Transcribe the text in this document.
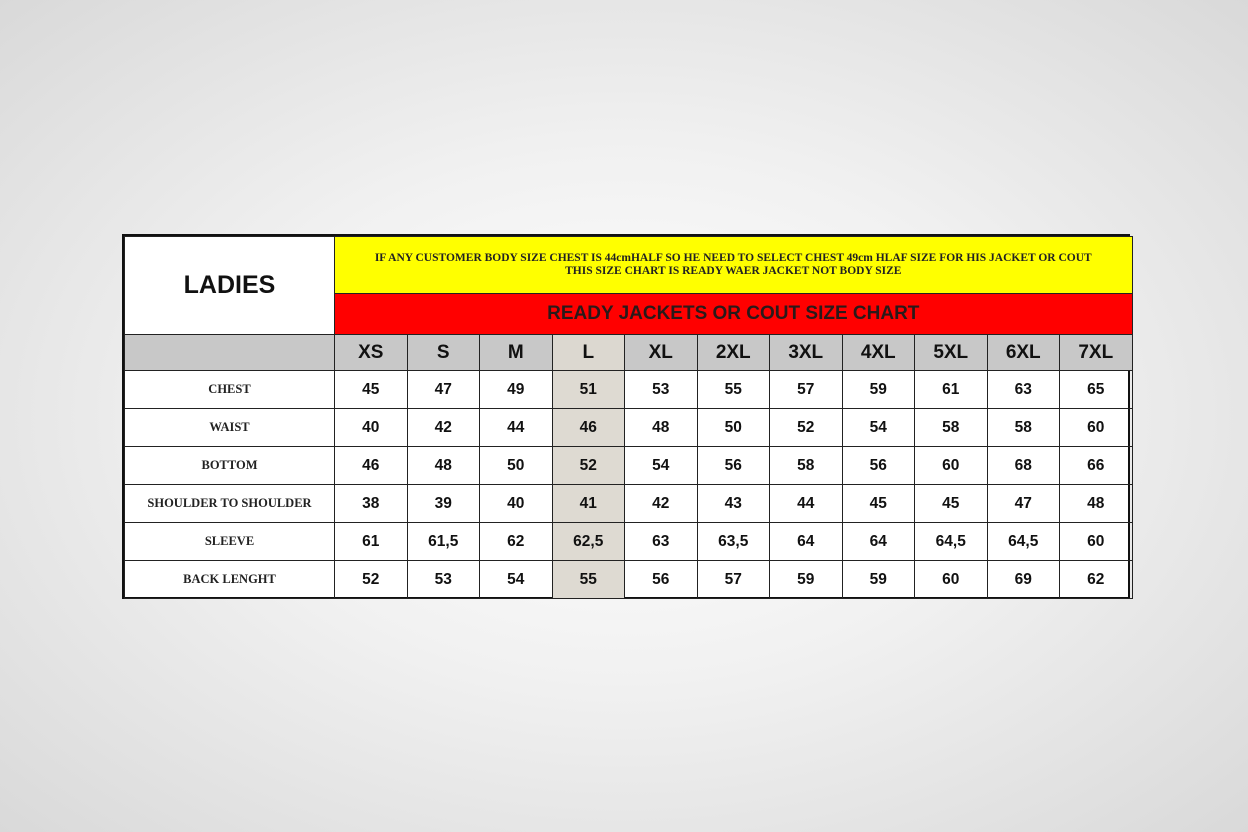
LADIES	IF ANY CUSTOMER BODY SIZE CHEST IS 44cmHALF SO HE NEED TO SELECT CHEST 49cm HLAF SIZE FOR HIS JACKET OR COUT
THIS SIZE CHART IS READY WAER JACKET NOT BODY SIZE										

	READY JACKETS OR COUT SIZE CHART										
	XS	S	M	L	XL	2XL	3XL	4XL	5XL	6XL	7XL
CHEST	45	47	49	51	53	55	57	59	61	63	65
WAIST	40	42	44	46	48	50	52	54	58	58	60
BOTTOM	46	48	50	52	54	56	58	56	60	68	66
SHOULDER TO SHOULDER	38	39	40	41	42	43	44	45	45	47	48
SLEEVE	61	61,5	62	62,5	63	63,5	64	64	64,5	64,5	60
BACK LENGHT	52	53	54	55	56	57	59	59	60	69	62
